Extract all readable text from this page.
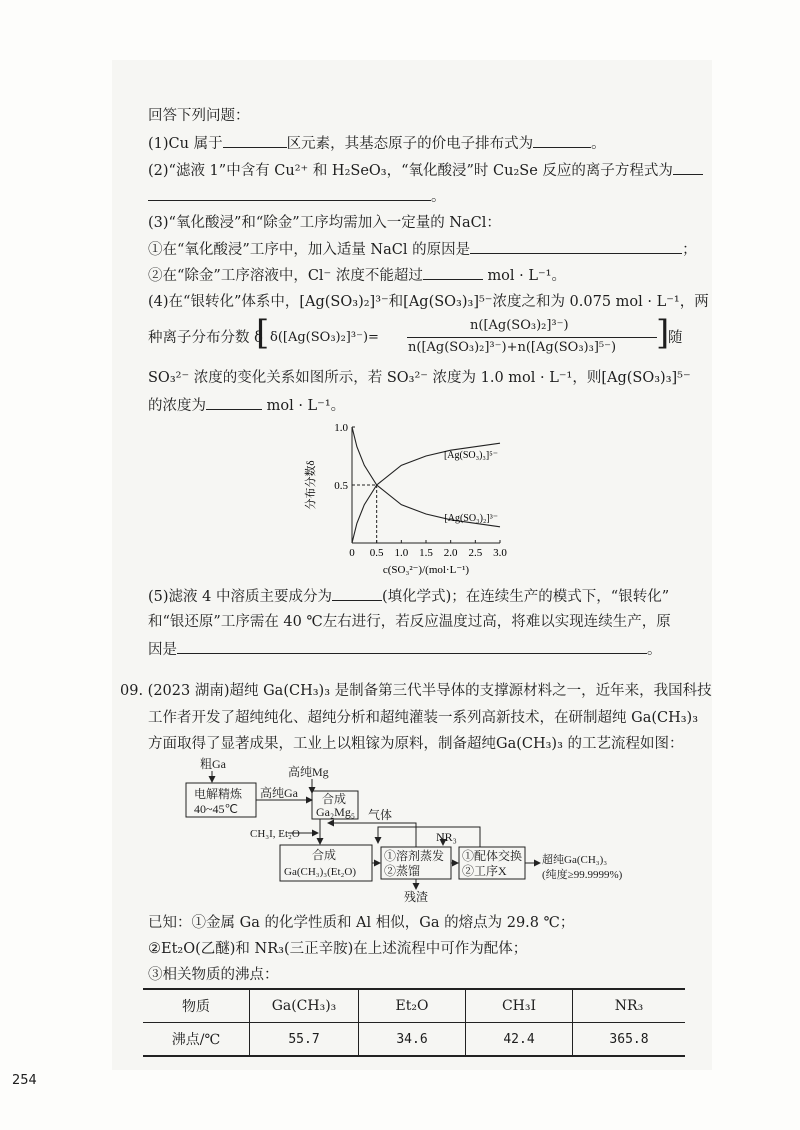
回答下列问题：
(1)Cu 属于	区元素，其基态原子的价电子排布式为	。
(2)“滤液 1”中含有 Cu²⁺ 和 H₂SeO₃，“氧化酸浸”时 Cu₂Se 反应的离子方程式为
。
(3)“氧化酸浸”和“除金”工序均需加入一定量的 NaCl：
①在“氧化酸浸”工序中，加入适量 NaCl 的原因是	；
②在“除金”工序溶液中，Cl⁻ 浓度不能超过	mol · L⁻¹。
(4)在“银转化”体系中，[Ag(SO₃)₂]³⁻和[Ag(SO₃)₃]⁵⁻浓度之和为 0.075 mol · L⁻¹，两
种离子分布分数 δ
[ δ([Ag(SO₃)₂]³⁻)=
n([Ag(SO₃)₂]³⁻)
n([Ag(SO₃)₂]³⁻)+n([Ag(SO₃)₃]⁵⁻) ]
随
SO₃²⁻ 浓度的变化关系如图所示，若 SO₃²⁻ 浓度为 1.0 mol · L⁻¹，则[Ag(SO₃)₃]⁵⁻
的浓度为	mol · L⁻¹。
0 0.5 1.0 1.5 2.0 2.5 3.0
1.0
0.5
[Ag(SO₃)₃]⁵⁻
[Ag(SO₃)₂]³⁻
c(SO₃²⁻)/(mol·L⁻¹)
分布分数δ
(5)滤液 4 中溶质主要成分为	(填化学式)；在连续生产的模式下，“银转化”
和“银还原”工序需在 40 ℃左右进行，若反应温度过高，将难以实现连续生产，原
因是	。
09. (2023 湖南)超纯 Ga(CH₃)₃ 是制备第三代半导体的支撑源材料之一，近年来，我国科技
工作者开发了超纯纯化、超纯分析和超纯灌装一系列高新技术，在研制超纯 Ga(CH₃)₃
方面取得了显著成果，工业上以粗镓为原料，制备超纯Ga(CH₃)₃ 的工艺流程如图：
粗Ga
电解精炼
40~45℃
高纯Ga
高纯Mg
合成
Ga₂Mg₅ 气体
CH₃I, Et₂O	NR₃
合成
Ga(CH₃)₃(Et₂O)
①溶剂蒸发
②蒸馏
①配体交换
②工序X
残渣
超纯Ga(CH₃)₃
(纯度≥99.9999%)
已知：①金属 Ga 的化学性质和 Al 相似，Ga 的熔点为 29.8 ℃；
②Et₂O(乙醚)和 NR₃(三正辛胺)在上述流程中可作为配体；
③相关物质的沸点：
物质	Ga(CH₃)₃	Et₂O	CH₃I	NR₃
沸点/℃	55.7	34.6	42.4	365.8
254
